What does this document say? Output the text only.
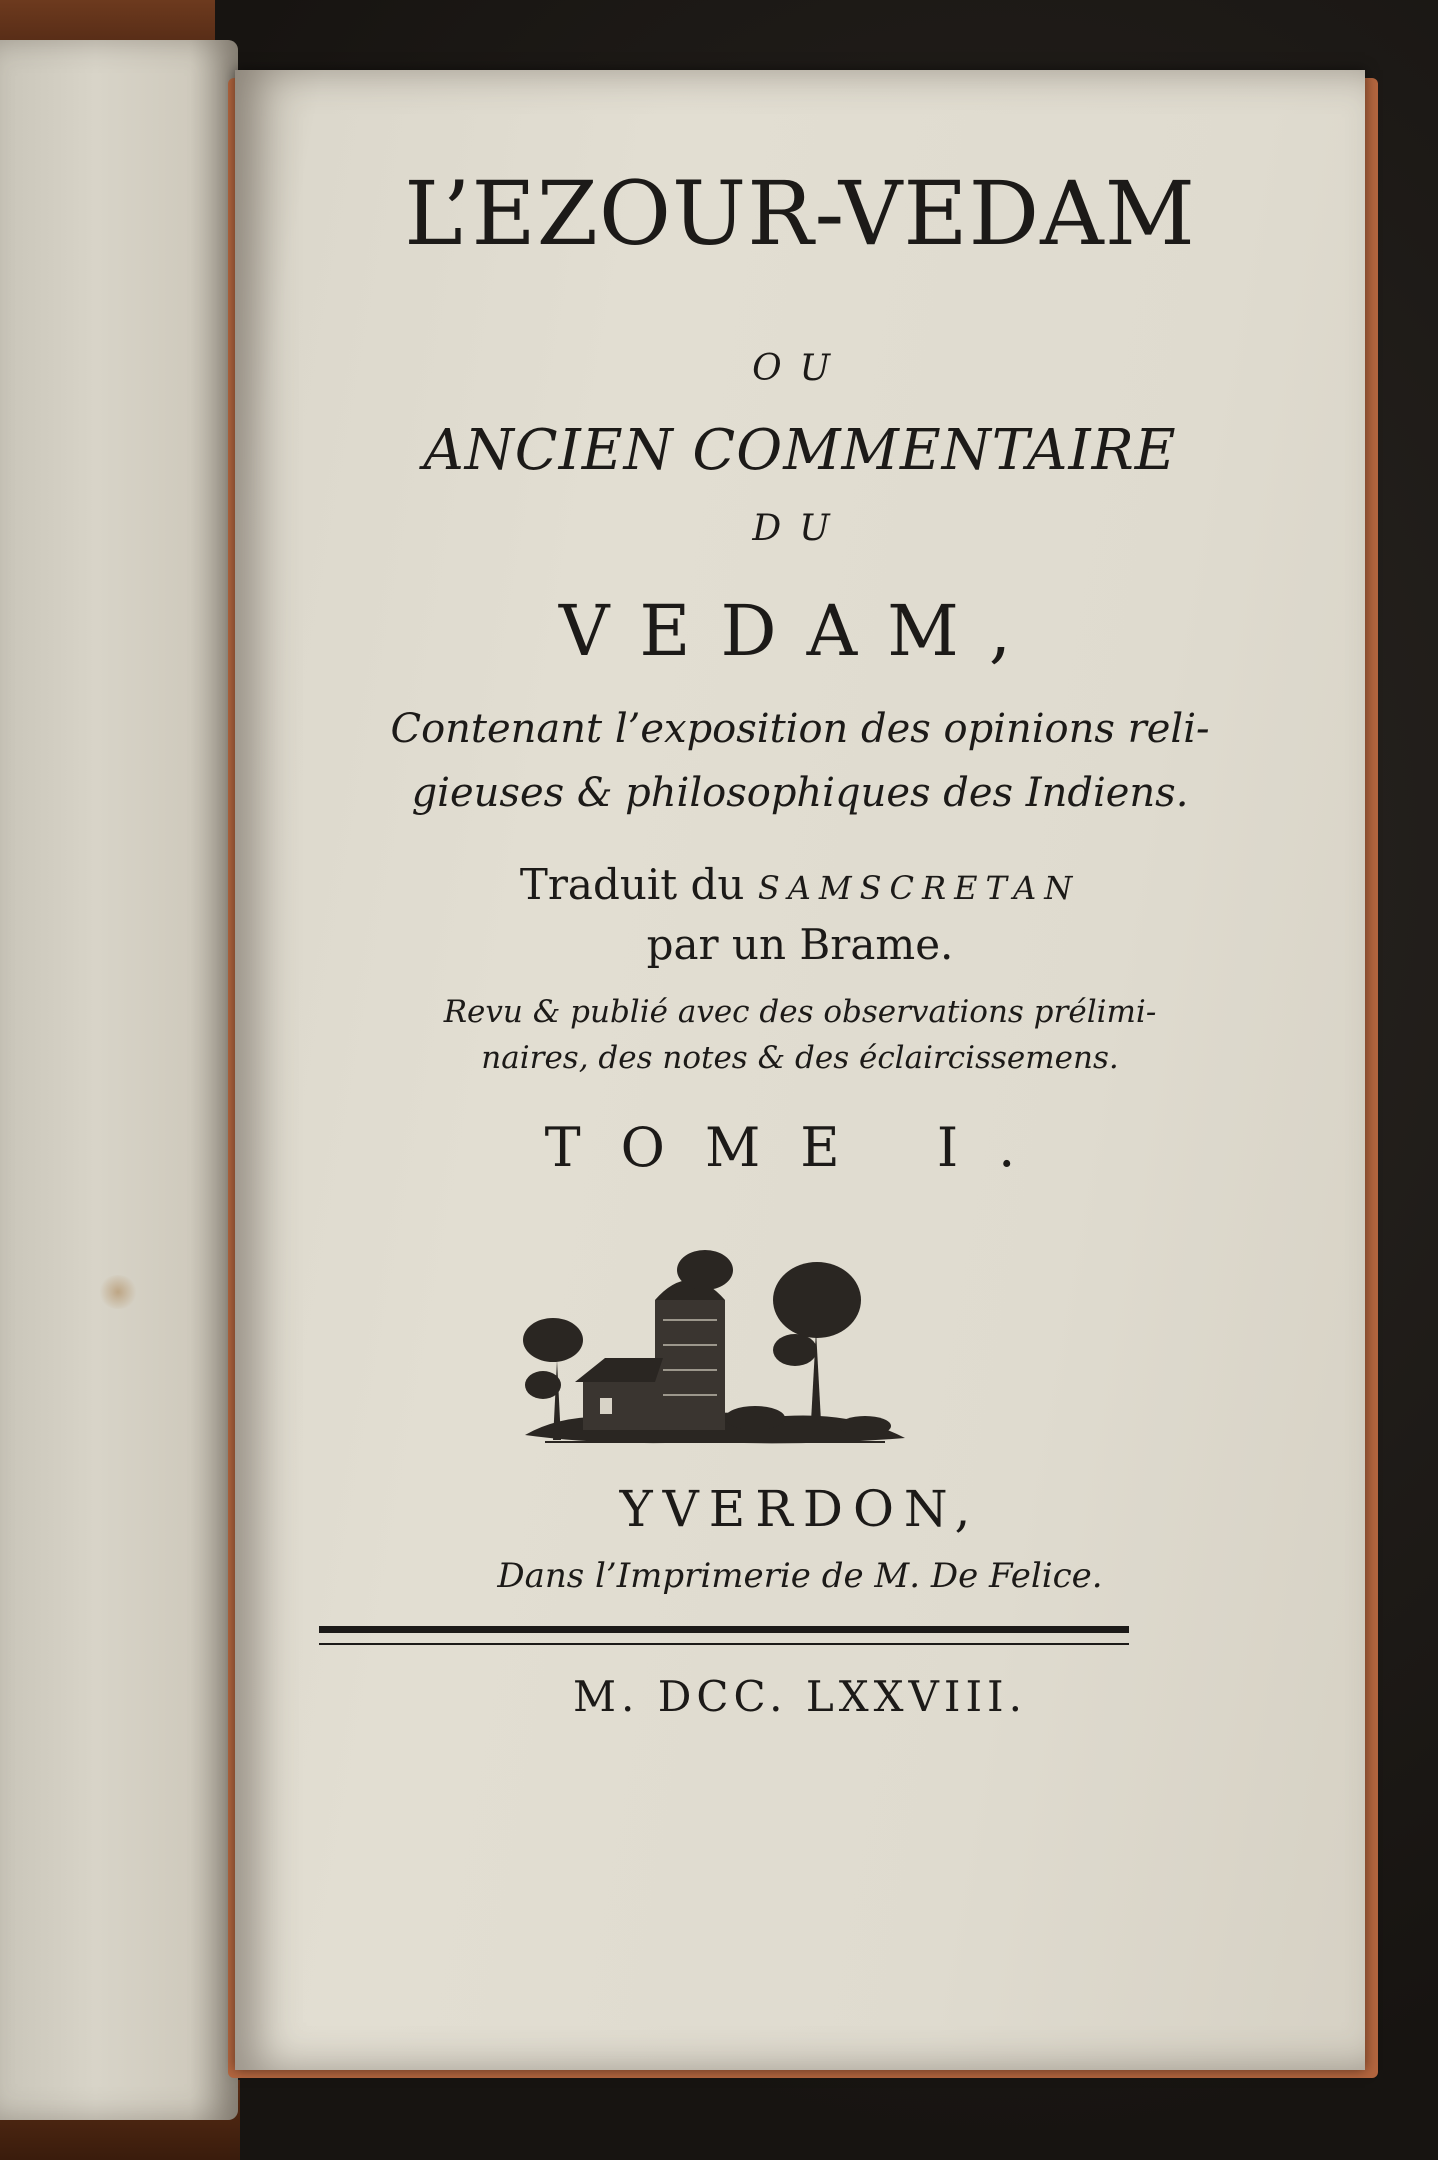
L’EZOUR-VEDAM

OU

ANCIEN COMMENTAIRE

DU

VEDAM,

Contenant l’exposition des opinions reli-

gieuses & philosophiques des Indiens.

Traduit du SAMSCRETAN

par un Brame.

Revu & publié avec des observations prélimi-

naires, des notes & des éclaircissemens.

TOME I.

YVERDON,

Dans l’Imprimerie de M. De Felice.

M. DCC. LXXVIII.
